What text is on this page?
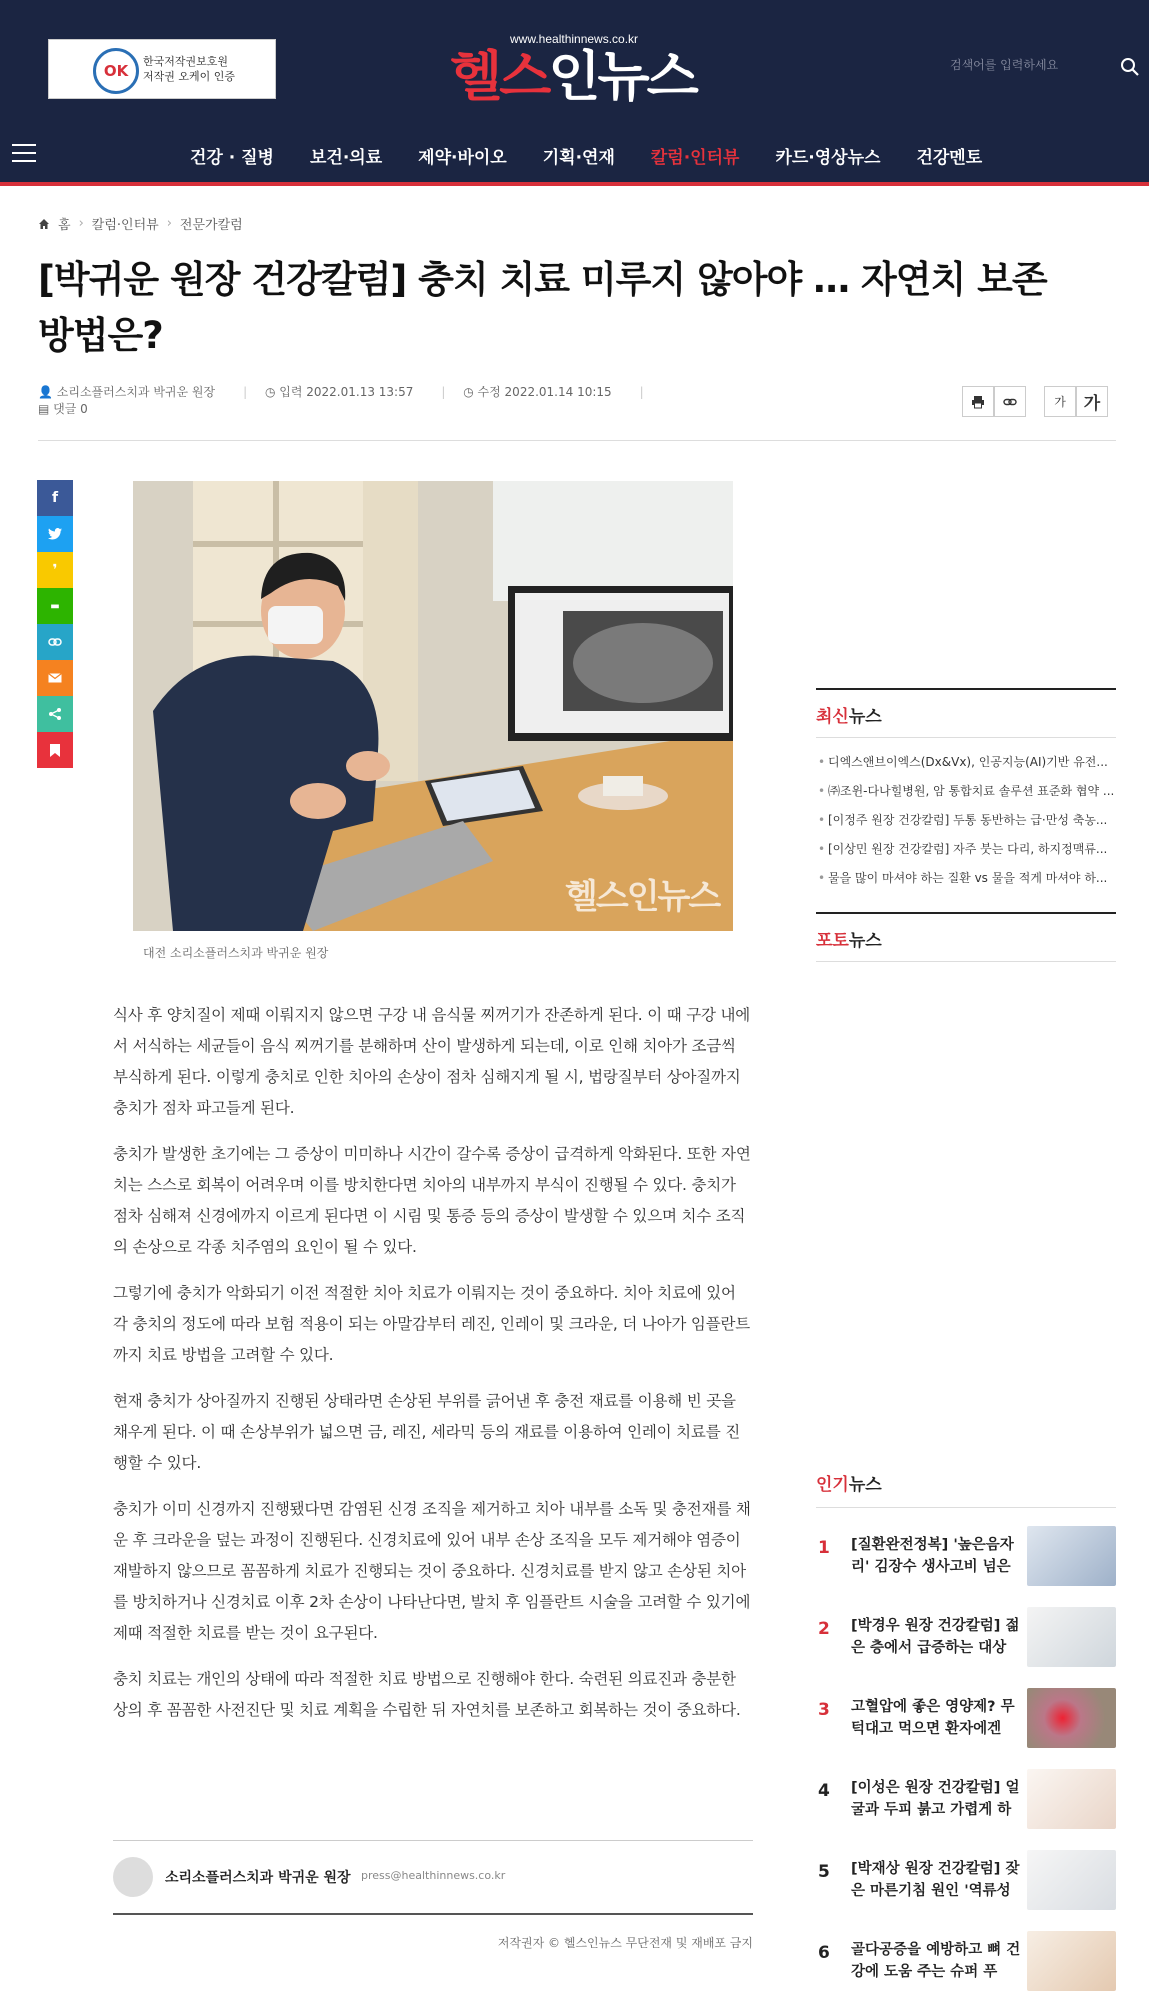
OK
한국저작권보호원
저작권 오케이 인증
www.healthinnews.co.kr
헬스인뉴스	검색어를 입력하세요
건강 · 질병	보건·의료	제약·바이오	기획·연재	칼럼·인터뷰	카드·영상뉴스	건강멘토
홈 › 칼럼·인터뷰 › 전문가칼럼
[박귀운 원장 건강칼럼] 충치 치료 미루지 않아야 … 자연치 보존 방법은?
👤 소리소플러스치과 박귀운 원장 | ◷ 입력 2022.01.13 13:57 | ◷ 수정 2022.01.14 10:15 |
▤ 댓글 0	가	가
f
❜
▬
헬스인뉴스
대전 소리소플러스치과 박귀운 원장

식사 후 양치질이 제때 이뤄지지 않으면 구강 내 음식물 찌꺼기가 잔존하게 된다. 이 때 구강 내에서 서식하는 세균들이 음식 찌꺼기를 분해하며 산이 발생하게 되는데, 이로 인해 치아가 조금씩 부식하게 된다. 이렇게 충치로 인한 치아의 손상이 점차 심해지게 될 시, 법랑질부터 상아질까지 충치가 점차 파고들게 된다.

충치가 발생한 초기에는 그 증상이 미미하나 시간이 갈수록 증상이 급격하게 악화된다. 또한 자연치는 스스로 회복이 어려우며 이를 방치한다면 치아의 내부까지 부식이 진행될 수 있다. 충치가 점차 심해져 신경에까지 이르게 된다면 이 시림 및 통증 등의 증상이 발생할 수 있으며 치수 조직의 손상으로 각종 치주염의 요인이 될 수 있다.

그렇기에 충치가 악화되기 이전 적절한 치아 치료가 이뤄지는 것이 중요하다. 치아 치료에 있어 각 충치의 정도에 따라 보험 적용이 되는 아말감부터 레진, 인레이 및 크라운, 더 나아가 임플란트까지 치료 방법을 고려할 수 있다.

현재 충치가 상아질까지 진행된 상태라면 손상된 부위를 긁어낸 후 충전 재료를 이용해 빈 곳을 채우게 된다. 이 때 손상부위가 넓으면 금, 레진, 세라믹 등의 재료를 이용하여 인레이 치료를 진행할 수 있다.

충치가 이미 신경까지 진행됐다면 감염된 신경 조직을 제거하고 치아 내부를 소독 및 충전재를 채운 후 크라운을 덮는 과정이 진행된다. 신경치료에 있어 내부 손상 조직을 모두 제거해야 염증이 재발하지 않으므로 꼼꼼하게 치료가 진행되는 것이 중요하다. 신경치료를 받지 않고 손상된 치아를 방치하거나 신경치료 이후 2차 손상이 나타난다면, 발치 후 임플란트 시술을 고려할 수 있기에 제때 적절한 치료를 받는 것이 요구된다.

충치 치료는 개인의 상태에 따라 적절한 치료 방법으로 진행해야 한다. 숙련된 의료진과 충분한 상의 후 꼼꼼한 사전진단 및 치료 계획을 수립한 뒤 자연치를 보존하고 회복하는 것이 중요하다.

소리소플러스치과 박귀운 원장 press@healthinnews.co.kr
저작권자 © 헬스인뉴스 무단전재 및 재배포 금지
최신뉴스
• 디엑스앤브이엑스(Dx&Vx), 인공지능(AI)기반 유전...
• ㈜조윈-다나힐병원, 암 통합치료 솔루션 표준화 협약 ...
• [이정주 원장 건강칼럼] 두통 동반하는 급·만성 축농...
• [이상민 원장 건강칼럼] 자주 붓는 다리, 하지정맥류...
• 물을 많이 마셔야 하는 질환 vs 물을 적게 마셔야 하...
포토뉴스
인기뉴스
1 [질환완전정복] '높은음자리' 김장수 생사고비 넘은
2 [박경우 원장 건강칼럼] 젊은 층에서 급증하는 대상
3 고혈압에 좋은 영양제? 무턱대고 먹으면 환자에겐
4 [이성은 원장 건강칼럼] 얼굴과 두피 붉고 가렵게 하
5 [박재상 원장 건강칼럼] 잦은 마른기침 원인 '역류성
6 골다공증을 예방하고 뼈 건강에 도움 주는 슈퍼 푸
